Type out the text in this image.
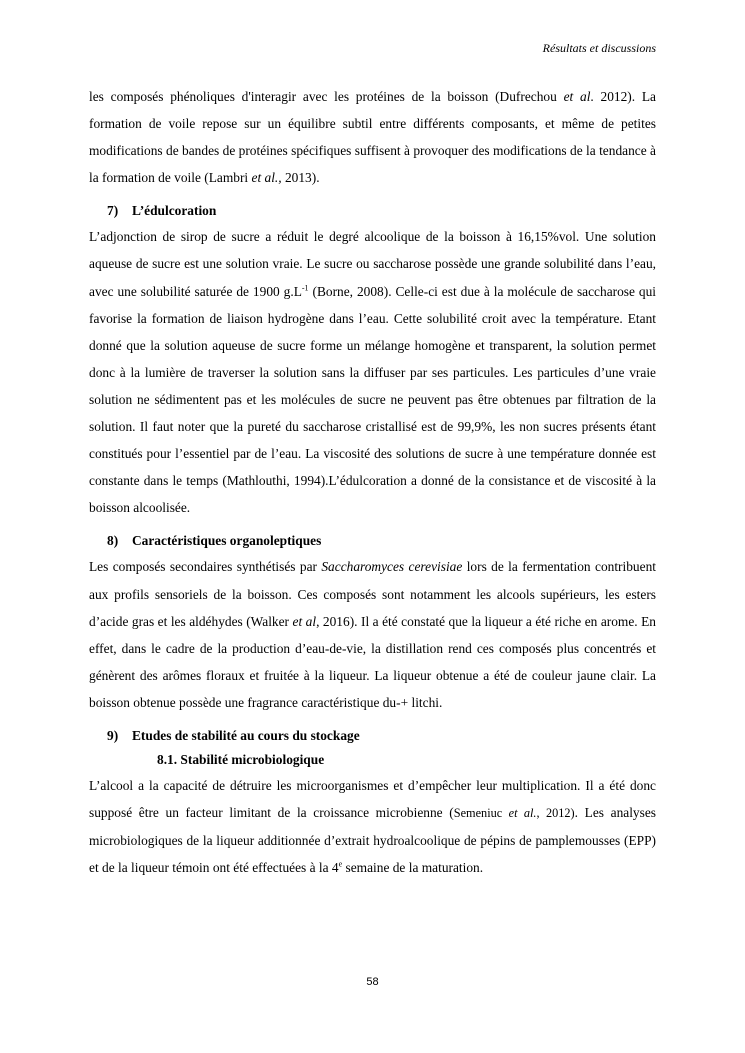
Résultats et discussions

les composés phénoliques d'interagir avec les protéines de la boisson (Dufrechou et al. 2012). La formation de voile repose sur un équilibre subtil entre différents composants, et même de petites modifications de bandes de protéines spécifiques suffisent à provoquer des modifications de la tendance à la formation de voile (Lambri et al., 2013).

7) L’édulcoration

L’adjonction de sirop de sucre a réduit le degré alcoolique de la boisson à 16,15%vol. Une solution aqueuse de sucre est une solution vraie. Le sucre ou saccharose possède une grande solubilité dans l’eau, avec une solubilité saturée de 1900 $g.L^{-1}$ (Borne, 2008). Celle-ci est due à la molécule de saccharose qui favorise la formation de liaison hydrogène dans l’eau. Cette solubilité croit avec la température. Etant donné que la solution aqueuse de sucre forme un mélange homogène et transparent, la solution permet donc à la lumière de traverser la solution sans la diffuser par ses particules. Les particules d’une vraie solution ne sédimentent pas et les molécules de sucre ne peuvent pas être obtenues par filtration de la solution. Il faut noter que la pureté du saccharose cristallisé est de 99,9%, les non sucres présents étant constitués pour l’essentiel par de l’eau. La viscosité des solutions de sucre à une température donnée est constante dans le temps (Mathlouthi, 1994).L’édulcoration a donné de la consistance et de viscosité à la boisson alcoolisée.

8) Caractéristiques organoleptiques

Les composés secondaires synthétisés par Saccharomyces cerevisiae lors de la fermentation contribuent aux profils sensoriels de la boisson. Ces composés sont notamment les alcools supérieurs, les esters d’acide gras et les aldéhydes (Walker et al, 2016). Il a été constaté que la liqueur a été riche en arome. En effet, dans le cadre de la production d’eau-de-vie, la distillation rend ces composés plus concentrés et génèrent des arômes floraux et fruitée à la liqueur. La liqueur obtenue a été de couleur jaune clair. La boisson obtenue possède une fragrance caractéristique du-+ litchi.

9) Etudes de stabilité au cours du stockage
8.1. Stabilité microbiologique

L’alcool a la capacité de détruire les microorganismes et d’empêcher leur multiplication. Il a été donc supposé être un facteur limitant de la croissance microbienne (Semeniuc et al., 2012). Les analyses microbiologiques de la liqueur additionnée d’extrait hydroalcoolique de pépins de pamplemousses (EPP) et de la liqueur témoin ont été effectuées à la 4e semaine de la maturation.

58
